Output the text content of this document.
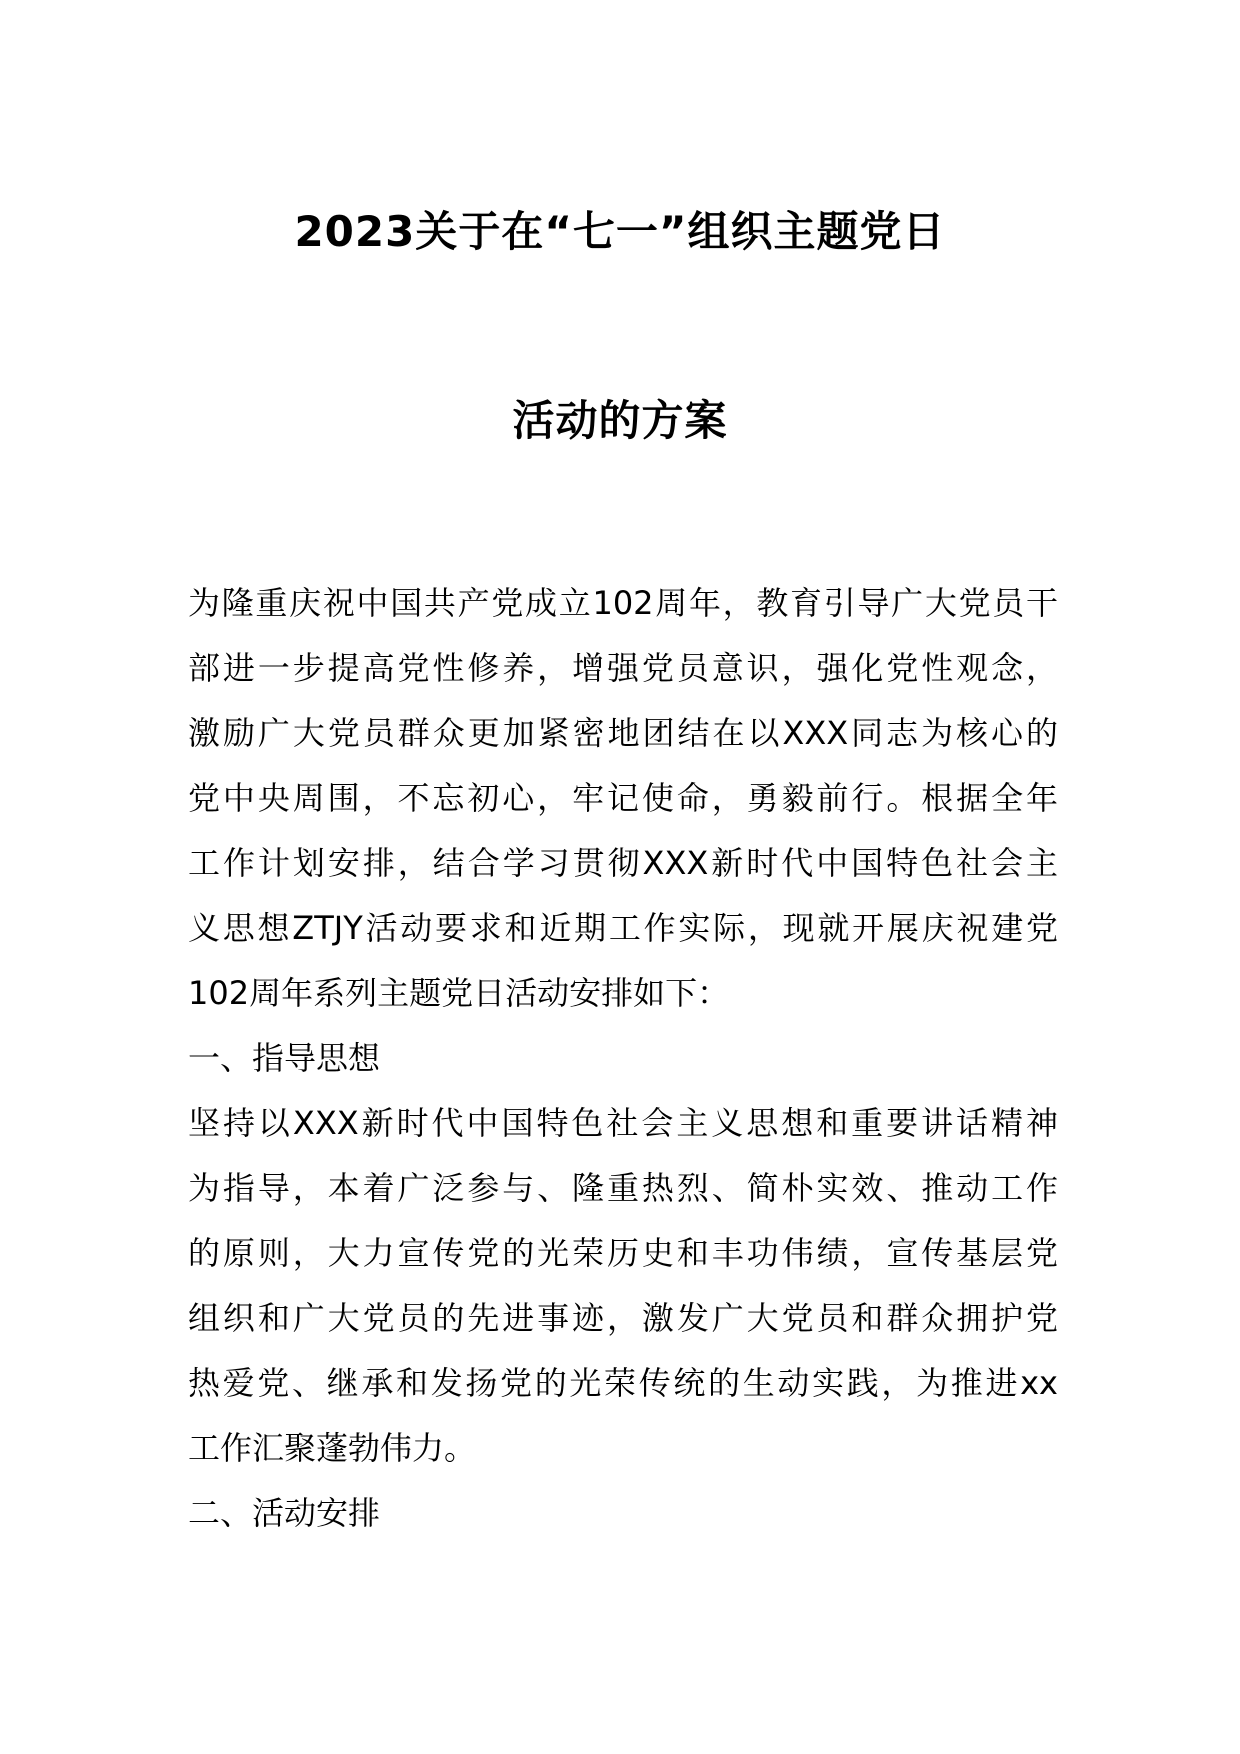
2023关于在“七一”组织主题党日
活动的方案
为隆重庆祝中国共产党成立102周年，教育引导广大党员干
部进一步提高党性修养，增强党员意识，强化党性观念，
激励广大党员群众更加紧密地团结在以XXX同志为核心的
党中央周围，不忘初心，牢记使命，勇毅前行。根据全年
工作计划安排，结合学习贯彻XXX新时代中国特色社会主
义思想ZTJY活动要求和近期工作实际，现就开展庆祝建党
102周年系列主题党日活动安排如下：
一、指导思想
坚持以XXX新时代中国特色社会主义思想和重要讲话精神
为指导，本着广泛参与、隆重热烈、简朴实效、推动工作
的原则，大力宣传党的光荣历史和丰功伟绩，宣传基层党
组织和广大党员的先进事迹，激发广大党员和群众拥护党
热爱党、继承和发扬党的光荣传统的生动实践，为推进xx
工作汇聚蓬勃伟力。
二、活动安排
